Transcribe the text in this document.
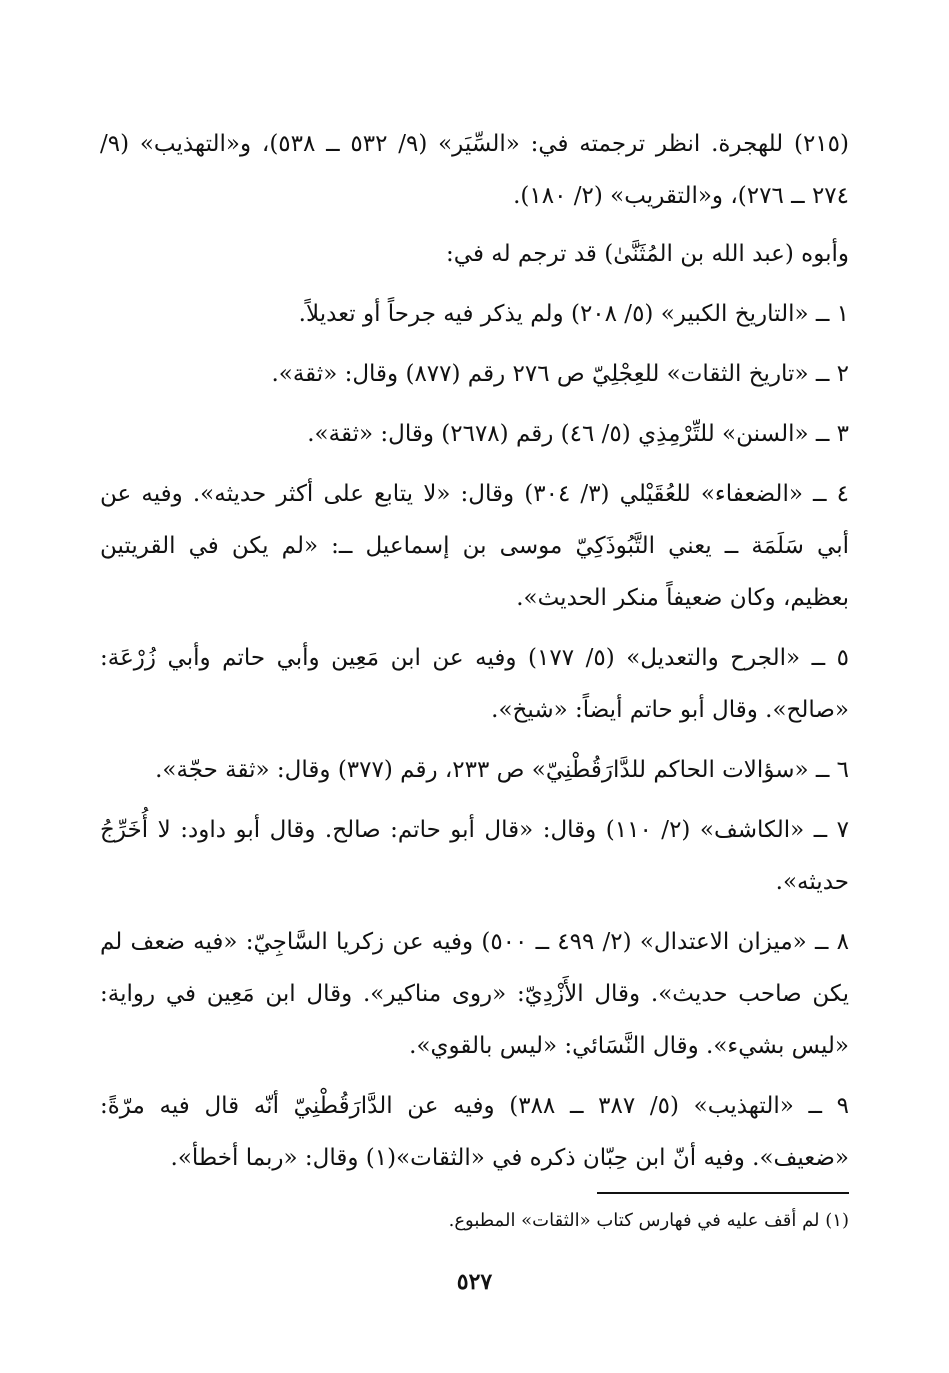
(٢١٥) للهجرة. انظر ترجمته في: «السِّيَر» (٩/ ٥٣٢ ــ ٥٣٨)، و«التهذيب» (٩/ ٢٧٤ ــ ٢٧٦)، و«التقريب» (٢/ ١٨٠).

وأبوه (عبد الله بن المُثَنَّىٰ) قد ترجم له في:

١ ــ «التاريخ الكبير» (٥/ ٢٠٨) ولم يذكر فيه جرحاً أو تعديلاً.

٢ ــ «تاريخ الثقات» للعِجْلِيّ ص ٢٧٦ رقم (٨٧٧) وقال: «ثقة».

٣ ــ «السنن» للتِّرْمِذِي (٥/ ٤٦) رقم (٢٦٧٨) وقال: «ثقة».

٤ ــ «الضعفاء» للعُقَيْلي (٣/ ٣٠٤) وقال: «لا يتابع على أكثر حديثه». وفيه عن أبي سَلَمَة ــ يعني التَّبُوذَكِيّ موسى بن إسماعيل ــ: «لم يكن في القريتين بعظيم، وكان ضعيفاً منكر الحديث».

٥ ــ «الجرح والتعديل» (٥/ ١٧٧) وفيه عن ابن مَعِين وأبي حاتم وأبي زُرْعَة: «صالح». وقال أبو حاتم أيضاً: «شيخ».

٦ ــ «سؤالات الحاكم للدَّارَقُطْنِيّ» ص ٢٣٣، رقم (٣٧٧) وقال: «ثقة حجّة».

٧ ــ «الكاشف» (٢/ ١١٠) وقال: «قال أبو حاتم: صالح. وقال أبو داود: لا أُخَرِّجُ حديثه».

٨ ــ «ميزان الاعتدال» (٢/ ٤٩٩ ــ ٥٠٠) وفيه عن زكريا السَّاجِيّ: «فيه ضعف لم يكن صاحب حديث». وقال الأَزْدِيّ: «روى مناكير». وقال ابن مَعِين في رواية: «ليس بشيء». وقال النَّسَائي: «ليس بالقوي».

٩ ــ «التهذيب» (٥/ ٣٨٧ ــ ٣٨٨) وفيه عن الدَّارَقُطْنِيّ أنّه قال فيه مرّةً: «ضعيف». وفيه أنّ ابن حِبّان ذكره في «الثقات»(١) وقال: «ربما أخطأ».

(١) لم أقف عليه في فهارس كتاب «الثقات» المطبوع.
٥٢٧
